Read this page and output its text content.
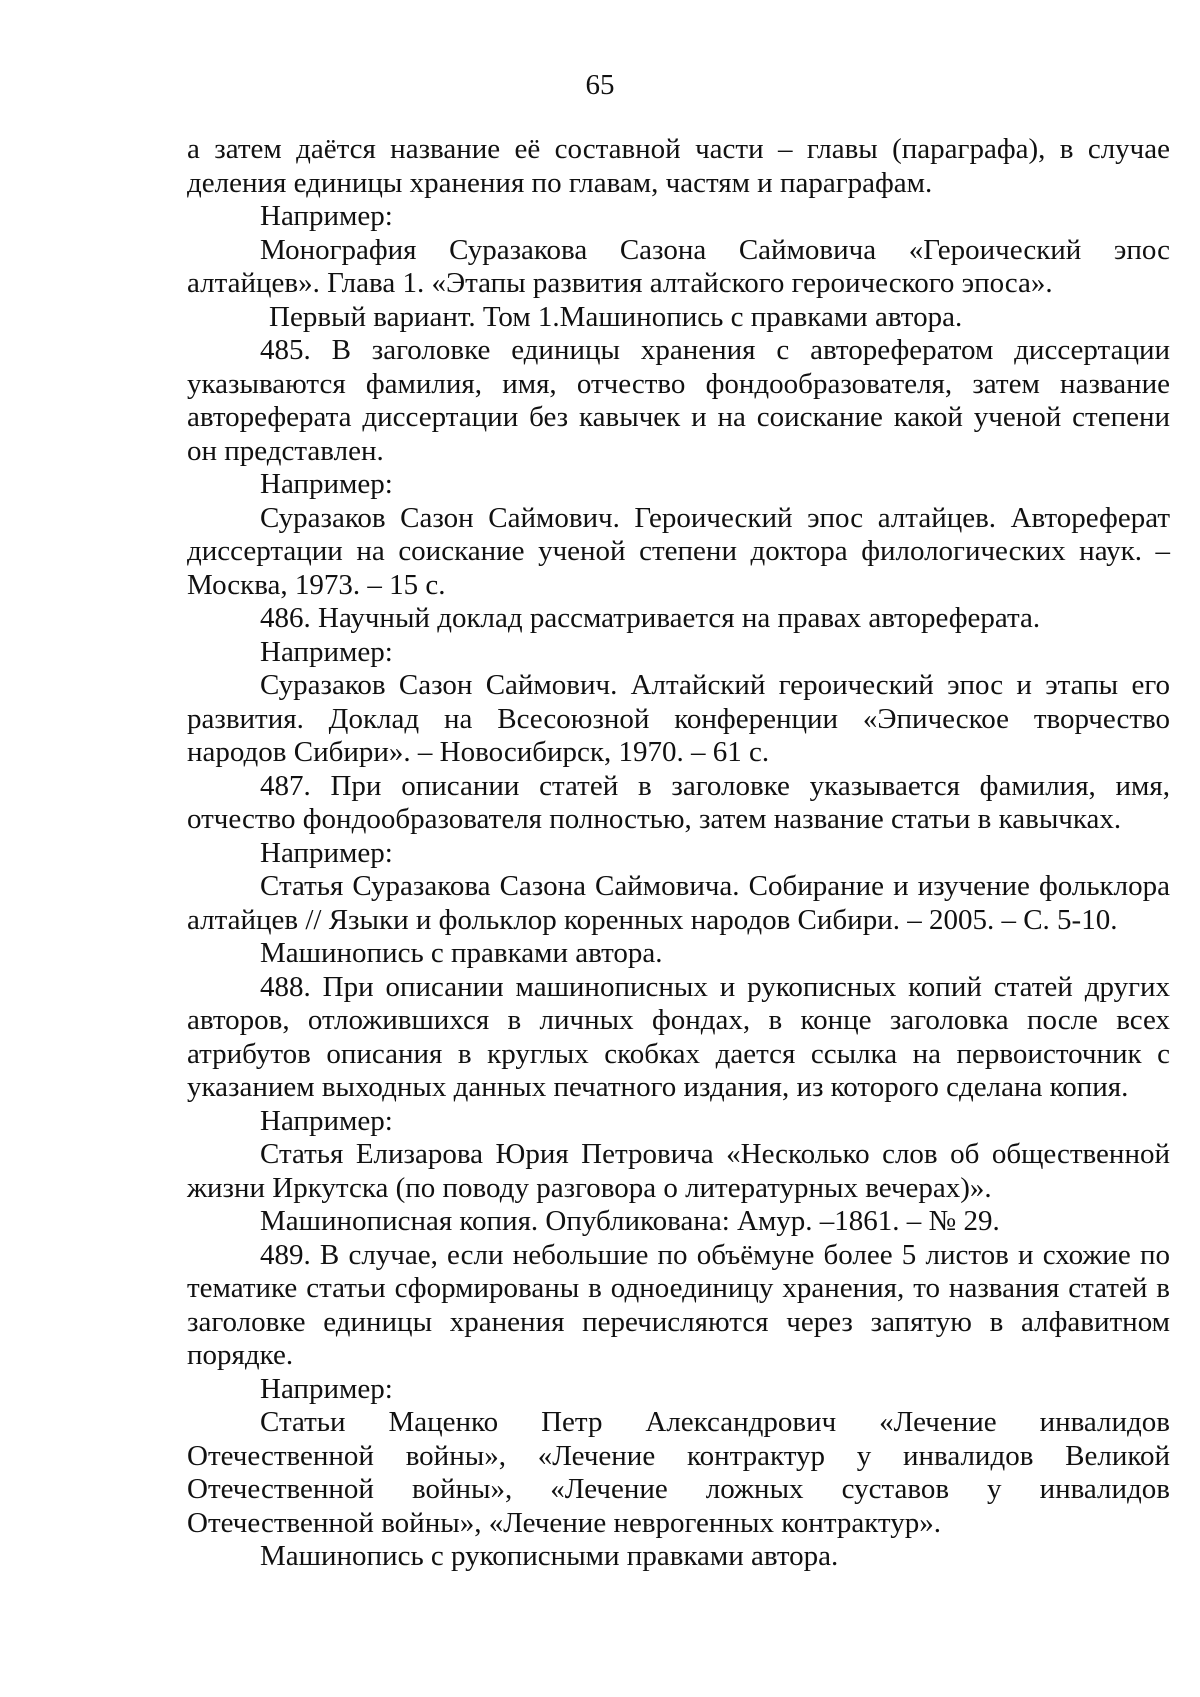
65

а затем даётся название её составной части – главы (параграфа), в случае деления единицы хранения по главам, частям и параграфам.

Например:

Монография Суразакова Сазона Саймовича «Героический эпос алтайцев». Глава 1. «Этапы развития алтайского героического эпоса».

Первый вариант. Том 1.Машинопись с правками автора.

485. В заголовке единицы хранения с авторефератом диссертации указываются фамилия, имя, отчество фондообразователя, затем название автореферата диссертации без кавычек и на соискание какой ученой степени он представлен.

Например:

Суразаков Сазон Саймович. Героический эпос алтайцев. Автореферат диссертации на соискание ученой степени доктора филологических наук. –Москва, 1973. – 15 с.

486. Научный доклад рассматривается на правах автореферата.

Например:

Суразаков Сазон Саймович. Алтайский героический эпос и этапы его развития. Доклад на Всесоюзной конференции «Эпическое творчество народов Сибири». – Новосибирск, 1970. – 61 с.

487. При описании статей в заголовке указывается фамилия, имя, отчество фондообразователя полностью, затем название статьи в кавычках.

Например:

Статья Суразакова Сазона Саймовича. Собирание и изучение фольклора алтайцев // Языки и фольклор коренных народов Сибири. – 2005. – С. 5-10.

Машинопись с правками автора.

488. При описании машинописных и рукописных копий статей других авторов, отложившихся в личных фондах, в конце заголовка после всех атрибутов описания в круглых скобках дается ссылка на первоисточник с указанием выходных данных печатного издания, из которого сделана копия.

Например:

Статья Елизарова Юрия Петровича «Несколько слов об общественной жизни Иркутска (по поводу разговора о литературных вечерах)».

Машинописная копия. Опубликована: Амур. –1861. – № 29.

489. В случае, если небольшие по объёмуне более 5 листов и схожие по тематике статьи сформированы в одноединицу хранения, то названия статей в заголовке единицы хранения перечисляются через запятую в алфавитном порядке.

Например:

Статьи Маценко Петр Александрович «Лечение инвалидов Отечественной войны», «Лечение контрактур у инвалидов Великой Отечественной войны», «Лечение ложных суставов у инвалидов Отечественной войны», «Лечение неврогенных контрактур».

Машинопись с рукописными правками автора.
